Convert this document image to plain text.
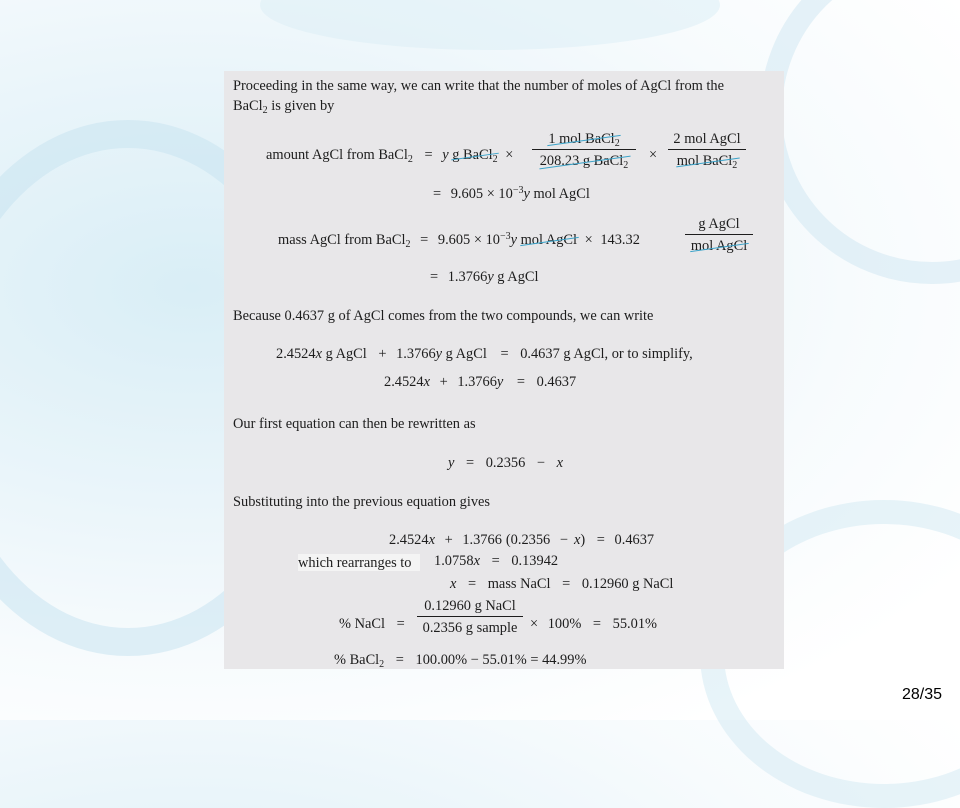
Proceeding in the same way, we can write that the number of moles of AgCl from the
BaCl$_2$ is given by
amount AgCl from BaCl$_2$ = y g BaCl$_2$ ×
1 mol BaCl$_2$
208.23 g BaCl$_2$
×
2 mol AgCl
mol BaCl$_2$
= $9.605 \times 10^{-3}y$ mol AgCl
mass AgCl from BaCl$_2$ = $9.605 \times 10^{-3}y$ mol AgCl × 143.32
g AgCl
mol AgCl
= 1.3766y g AgCl
Because 0.4637 g of AgCl comes from the two compounds, we can write
2.4524x g AgCl + 1.3766y g AgCl = 0.4637 g AgCl, or to simplify,
2.4524x + 1.3766y = 0.4637
Our first equation can then be rewritten as
y = 0.2356 − x
Substituting into the previous equation gives
2.4524x + 1.3766 (0.2356 − x) = 0.4637
which rearranges to 1.0758x = 0.13942
x = mass NaCl = 0.12960 g NaCl
% NaCl =
0.12960 g NaCl
0.2356 g sample × 100% = 55.01%
% BaCl$_2$ = 100.00% − 55.01% = 44.99%
28/35
